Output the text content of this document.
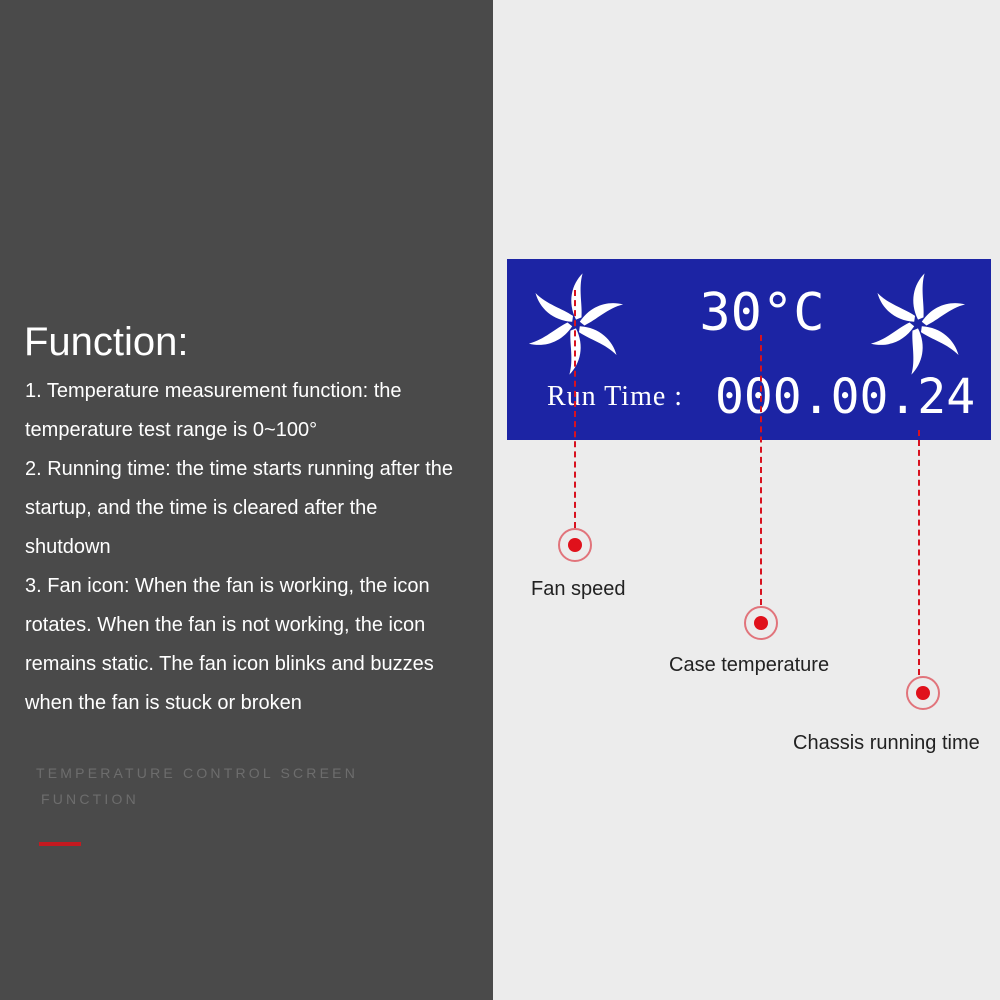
Function:

1. Temperature measurement function: the temperature test range is 0~100°

2. Running time: the time starts running after the startup, and the time is cleared after the shutdown

3. Fan icon: When the fan is working, the icon rotates. When the fan is not working, the icon remains static. The fan icon blinks and buzzes when the fan is stuck or broken

TEMPERATURE CONTROL SCREEN
FUNCTION
30°C
Run Time : 000.00.24
Fan speed
Case temperature
Chassis running time
